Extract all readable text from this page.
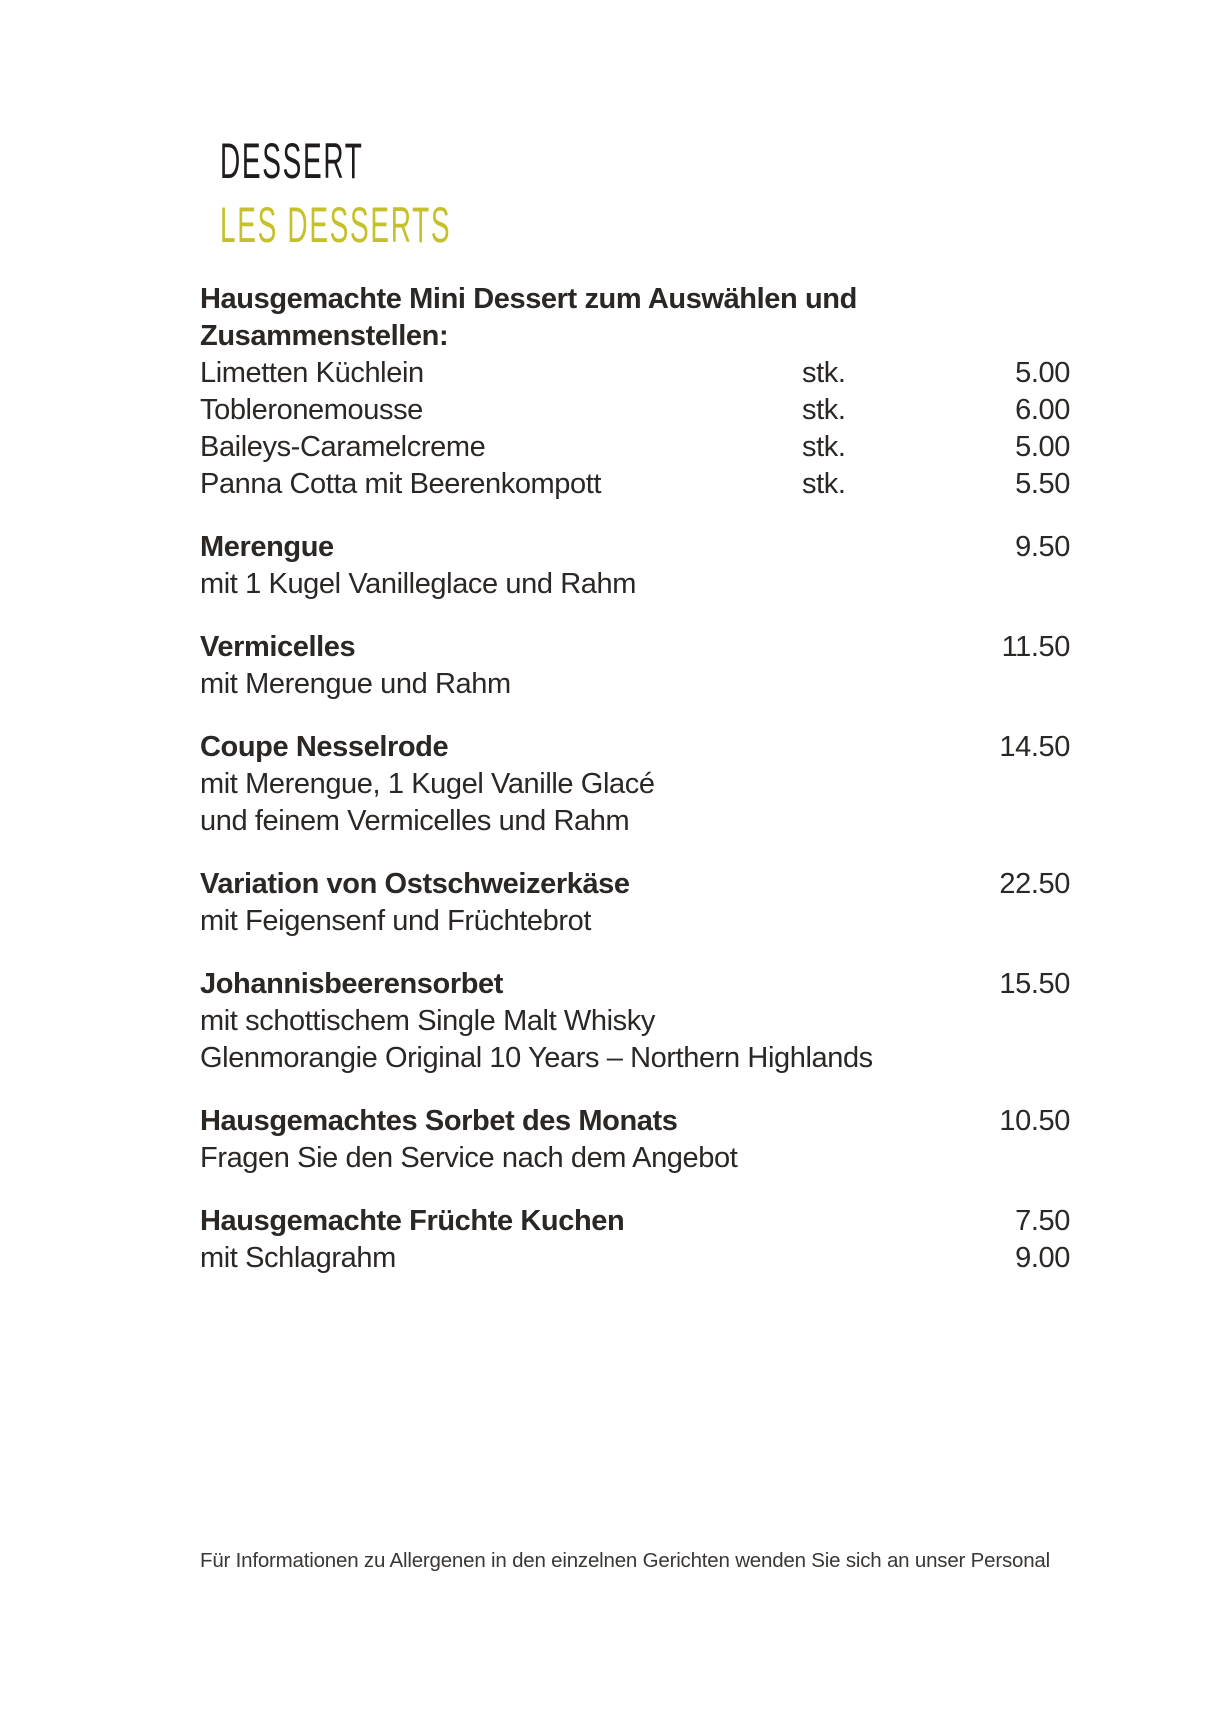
DESSERT
LES DESSERTS
Hausgemachte Mini Dessert zum Auswählen und Zusammenstellen:
Limetten Küchlein	stk.	5.00
Tobleronemousse	stk.	6.00
Baileys-Caramelcreme	stk.	5.00
Panna Cotta mit Beerenkompott	stk.	5.50
Merengue	9.50
mit 1 Kugel Vanilleglace und Rahm
Vermicelles	11.50
mit Merengue und Rahm
Coupe Nesselrode	14.50
mit Merengue, 1 Kugel Vanille Glacé
und feinem Vermicelles und Rahm
Variation von Ostschweizerkäse	22.50
mit Feigensenf und Früchtebrot
Johannisbeerensorbet	15.50
mit schottischem Single Malt Whisky
Glenmorangie Original 10 Years – Northern Highlands
Hausgemachtes Sorbet des Monats	10.50
Fragen Sie den Service nach dem Angebot
Hausgemachte Früchte Kuchen	7.50
mit Schlagrahm	9.00
Für Informationen zu Allergenen in den einzelnen Gerichten wenden Sie sich an unser Personal
